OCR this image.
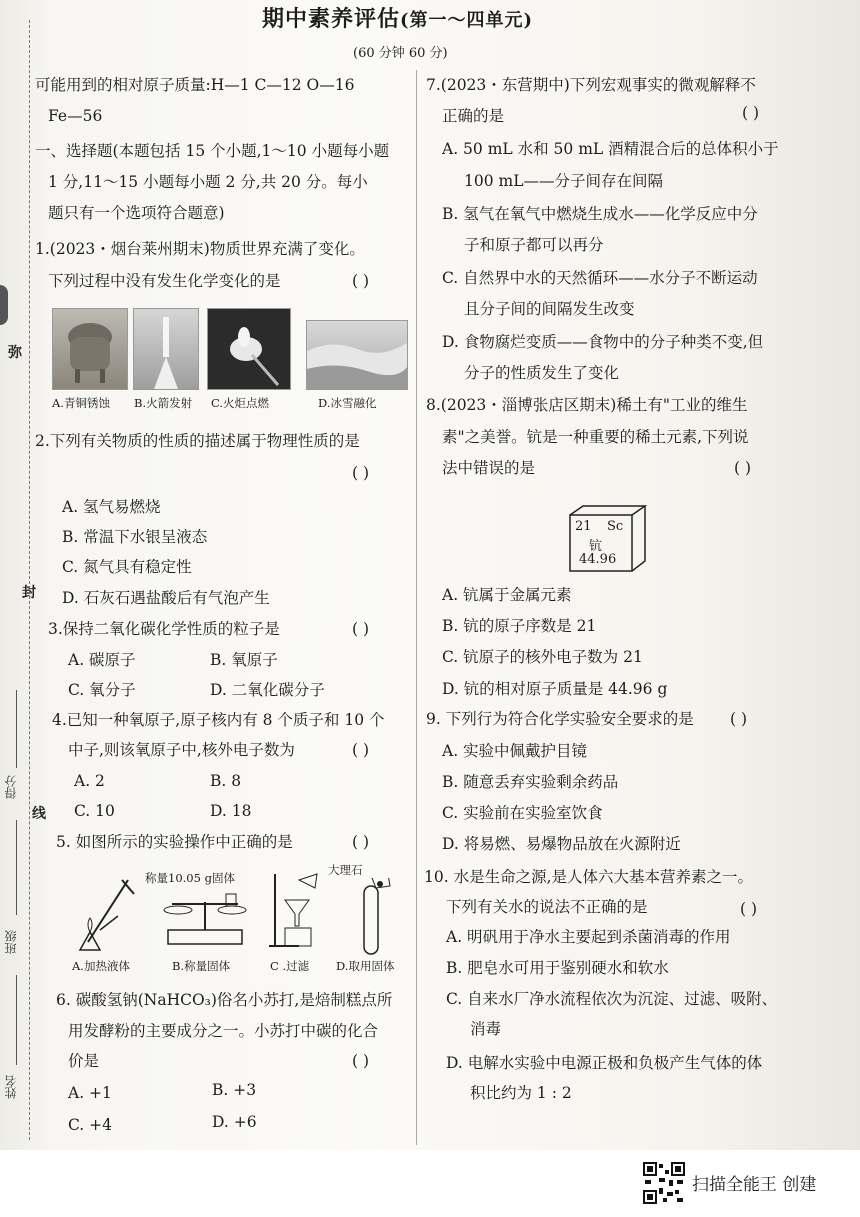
弥
封
线
得分
班级
姓名
期中素养评估(第一～四单元)
(60 分钟 60 分)
可能用到的相对原子质量:H—1 C—12 O—16
Fe—56
一、选择题(本题包括 15 个小题,1～10 小题每小题
1 分,11～15 小题每小题 2 分,共 20 分。每小
题只有一个选项符合题意)
1.(2023・烟台莱州期末)物质世界充满了变化。
下列过程中没有发生化学变化的是	( )
A.青铜锈蚀 B.火箭发射 C.火炬点燃	D.冰雪融化
2.下列有关物质的性质的描述属于物理性质的是
( )
A. 氢气易燃烧
B. 常温下水银呈液态
C. 氮气具有稳定性
D. 石灰石遇盐酸后有气泡产生
3.保持二氧化碳化学性质的粒子是	( )
A. 碳原子	B. 氧原子
C. 氧分子	D. 二氧化碳分子
4.已知一种氧原子,原子核内有 8 个质子和 10 个
中子,则该氧原子中,核外电子数为	( )
A. 2	B. 8
C. 10	D. 18
5. 如图所示的实验操作中正确的是	( )
称量10.05 g固体
大理石
A.加热液体	B.称量固体	C .过滤 D.取用固体
6. 碳酸氢钠(NaHCO₃)俗名小苏打,是焙制糕点所
用发酵粉的主要成分之一。小苏打中碳的化合
价是	( )
A. +1	B. +3
C. +4	D. +6
7.(2023・东营期中)下列宏观事实的微观解释不
正确的是	( )
A. 50 mL 水和 50 mL 酒精混合后的总体积小于
100 mL——分子间存在间隔
B. 氢气在氧气中燃烧生成水——化学反应中分
子和原子都可以再分
C. 自然界中水的天然循环——水分子不断运动
且分子间的间隔发生改变
D. 食物腐烂变质——食物中的分子种类不变,但
分子的性质发生了变化
8.(2023・淄博张店区期末)稀土有"工业的维生
素"之美誉。钪是一种重要的稀土元素,下列说
法中错误的是	( )
21 Sc
钪
44.96
A. 钪属于金属元素
B. 钪的原子序数是 21
C. 钪原子的核外电子数为 21
D. 钪的相对原子质量是 44.96 g
9. 下列行为符合化学实验安全要求的是 ( )
A. 实验中佩戴护目镜
B. 随意丢弃实验剩余药品
C. 实验前在实验室饮食
D. 将易燃、易爆物品放在火源附近
10. 水是生命之源,是人体六大基本营养素之一。
下列有关水的说法不正确的是	( )
A. 明矾用于净水主要起到杀菌消毒的作用
B. 肥皂水可用于鉴别硬水和软水
C. 自来水厂净水流程依次为沉淀、过滤、吸附、
消毒
D. 电解水实验中电源正极和负极产生气体的体
积比约为 1 : 2
扫描全能王 创建
